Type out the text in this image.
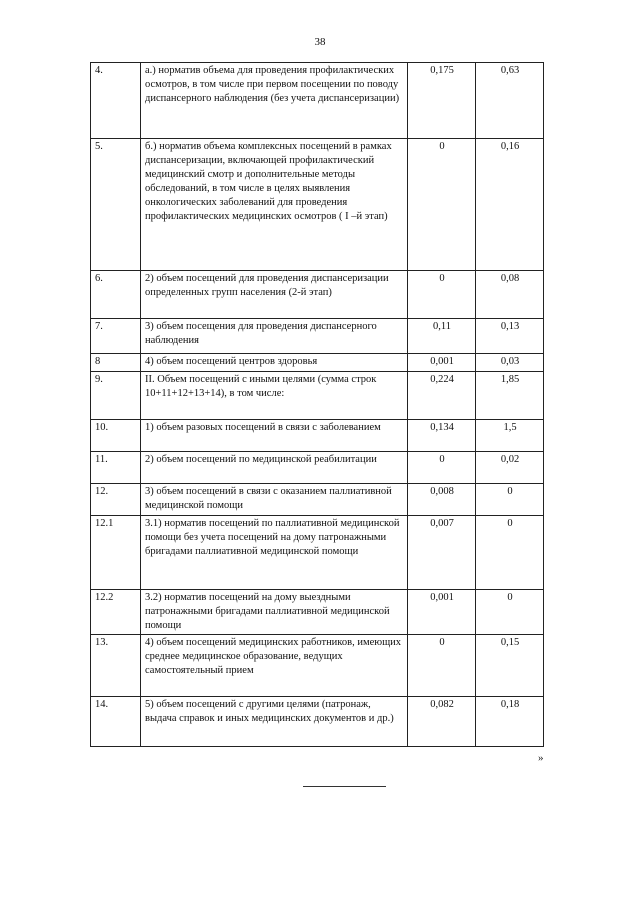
38
4.	а.) норматив объема для проведения профилактических осмотров, в том числе при первом посещении по поводу диспансерного наблюдения (без учета диспансеризации)	0,175	0,63
5.	б.) норматив объема комплексных посещений в рамках диспансеризации, включающей профилактический медицинский смотр и дополнительные методы обследований, в том числе в целях выявления онкологических заболеваний для проведения профилактических медицинских осмотров ( I –й этап)	0	0,16
6.	2) объем посещений для проведения диспансеризации определенных групп населения (2-й этап)	0	0,08
7.	3) объем посещения для проведения диспансерного наблюдения	0,11	0,13
8	4) объем посещений центров здоровья	0,001	0,03
9.	II. Объем посещений с иными целями (сумма строк 10+11+12+13+14), в том числе:	0,224	1,85
10.	1) объем разовых посещений в связи с заболеванием	0,134	1,5
11.	2) объем посещений по медицинской реабилитации	0	0,02
12.	3) объем посещений в связи с оказанием паллиативной медицинской помощи	0,008	0
12.1	3.1) норматив посещений по паллиативной медицинской помощи без учета посещений на дому патронажными бригадами паллиативной медицинской помощи	0,007	0
12.2	3.2) норматив посещений на дому выездными патронажными бригадами паллиативной медицинской помощи	0,001	0
13.	4) объем посещений медицинских работников, имеющих среднее медицинское образование, ведущих самостоятельный прием	0	0,15
14.	5) объем посещений с другими целями (патронаж, выдача справок и иных медицинских документов и др.)	0,082	0,18
»
